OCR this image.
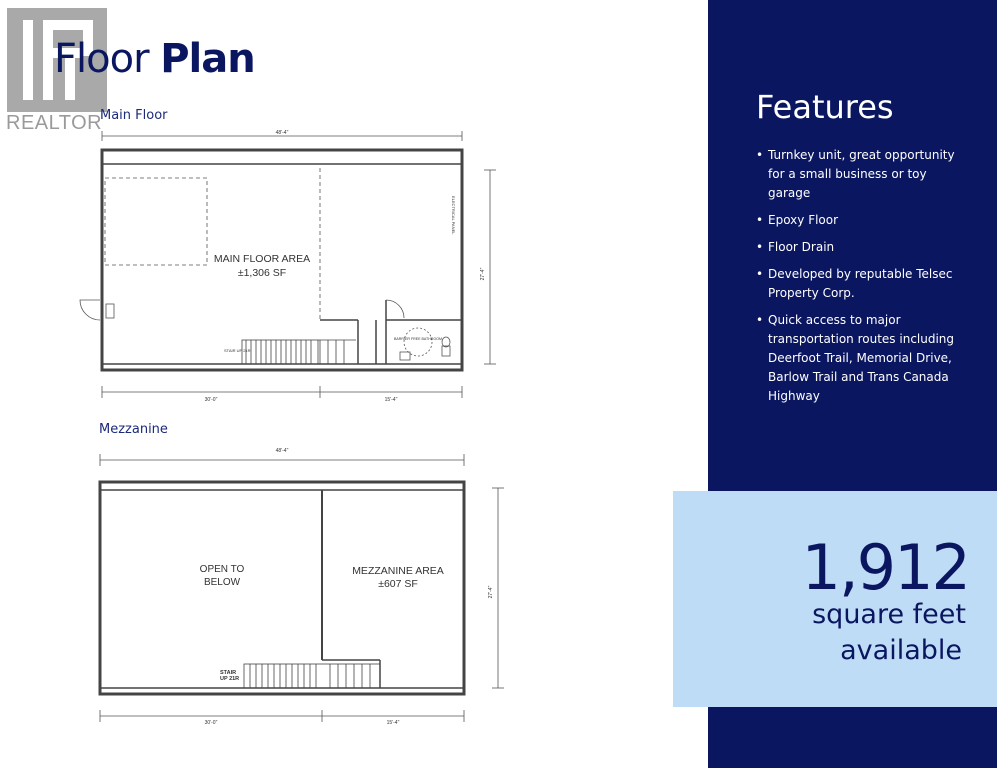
REALTOR
Floor Plan
Main Floor
48'-4"
BARRIER FREE BATHROOM
STAIR UP 21R
ELECTRICAL PANEL
MAIN FLOOR AREA
±1,306 SF	27'-4"
30'-0"	15'-4"
Mezzanine
48'-4"
STAIR
UP 21R
OPEN TO
BELOW
MEZZANINE AREA
±607 SF
27'-4"
30'-0"	15'-4"
Features
• Turnkey unit, great opportunity for a small business or toy garage
• Epoxy Floor
• Floor Drain
• Developed by reputable Telsec Property Corp.
• Quick access to major transportation routes including Deerfoot Trail, Memorial Drive, Barlow Trail and Trans Canada Highway
1,912
square feet
available
